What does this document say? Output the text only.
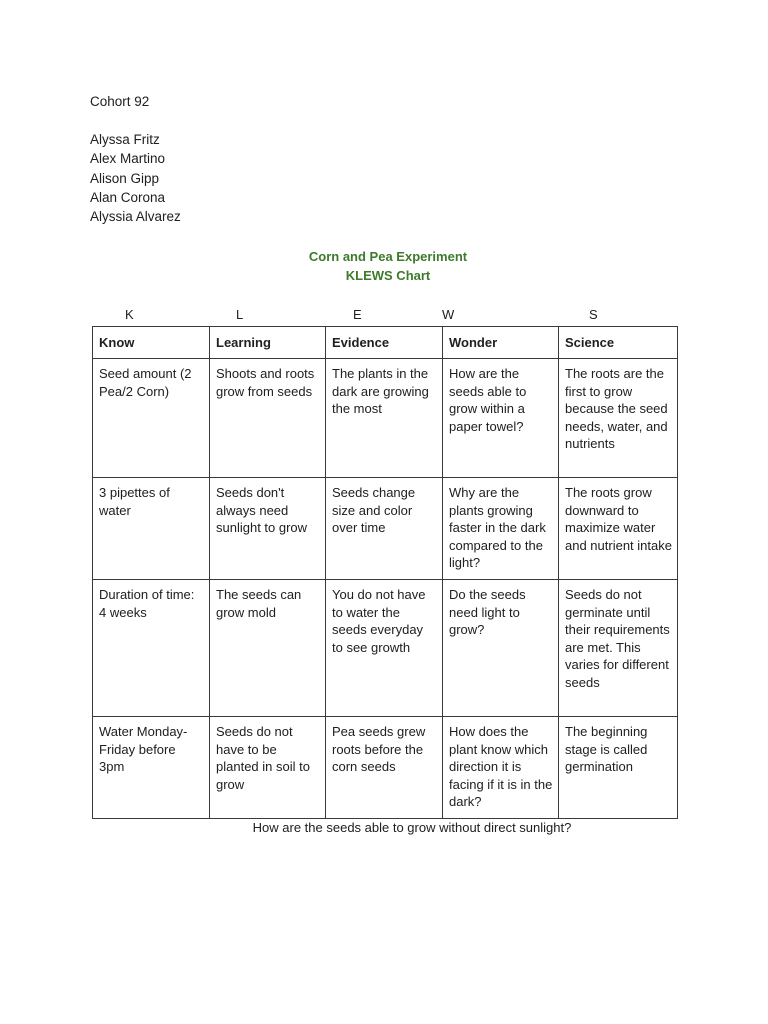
Cohort 92
Alyssa Fritz
Alex Martino
Alison Gipp
Alan Corona
Alyssia Alvarez
Corn and Pea Experiment
KLEWS Chart
K	L	E	W	S
Know	Learning	Evidence	Wonder	Science
Seed amount (2 Pea/2 Corn)	Shoots and roots grow from seeds	The plants in the dark are growing the most	How are the seeds able to grow within a paper towel?	The roots are the first to grow because the seed needs, water, and nutrients
3 pipettes of water	Seeds don't always need sunlight to grow	Seeds change size and color over time	Why are the plants growing faster in the dark compared to the light?	The roots grow downward to maximize water and nutrient intake
Duration of time: 4 weeks	The seeds can grow mold	You do not have to water the seeds everyday to see growth	Do the seeds need light to grow?	Seeds do not germinate until their requirements are met. This varies for different seeds
Water Monday-Friday before 3pm	Seeds do not have to be planted in soil to grow	Pea seeds grew roots before the corn seeds	How does the plant know which direction it is facing if it is in the dark?	The beginning stage is called germination
How are the seeds able to grow without direct sunlight?
